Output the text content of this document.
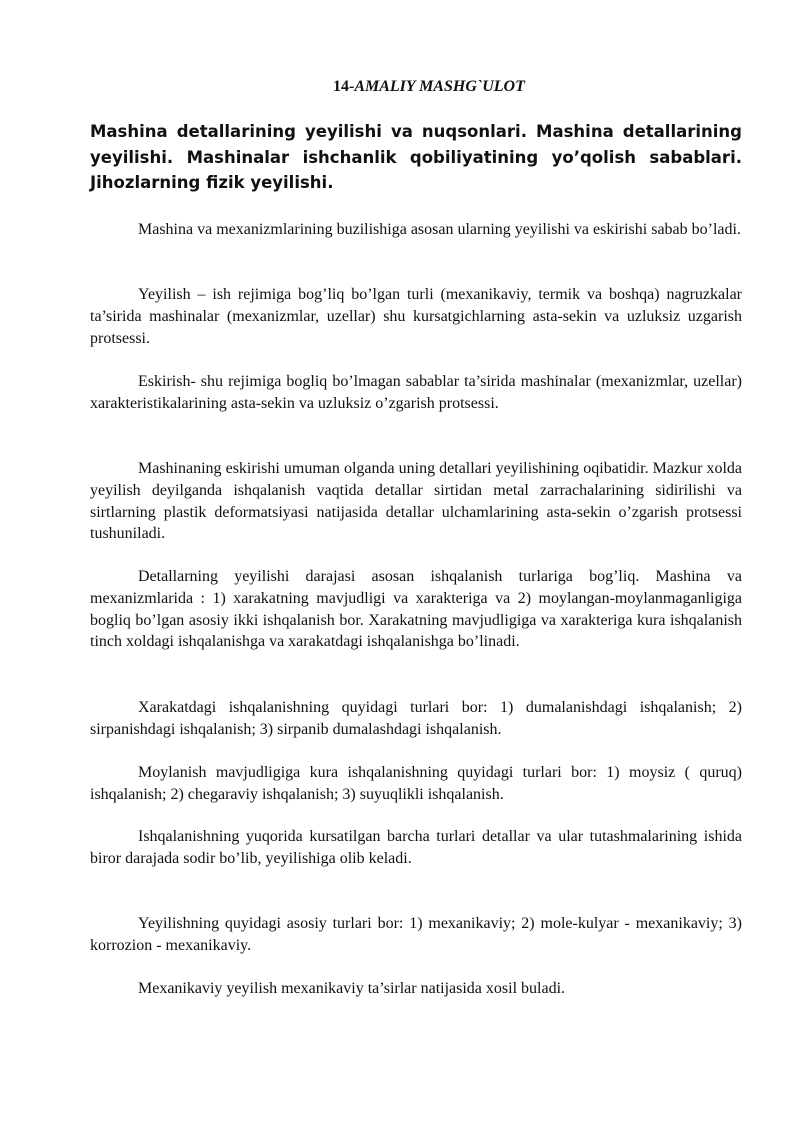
14-AMALIY MASHG`ULOT

Mashina detallarining yeyilishi va nuqsonlari. Mashina detallarining yeyilishi. Mashinalar ishchanlik qobiliyatining yo’qolish sabablari. Jihozlarning fizik yeyilishi.

Mashina va mexanizmlarining buzilishiga asosan ularning yeyilishi va eskirishi sabab bo’ladi.

Yeyilish – ish rejimiga bog’liq bo’lgan turli (mexanikaviy, termik va boshqa) nagruzkalar ta’sirida mashinalar (mexanizmlar, uzellar) shu kursatgichlarning asta-sekin va uzluksiz uzgarish protsessi.

Eskirish- shu rejimiga bogliq bo’lmagan sabablar ta’sirida mashinalar (mexanizmlar, uzellar) xarakteristikalarining asta-sekin va uzluksiz o’zgarish protsessi.

Mashinaning eskirishi umuman olganda uning detallari yeyilishining oqibatidir. Mazkur xolda yeyilish deyilganda ishqalanish vaqtida detallar sirtidan metal zarrachalarining sidirilishi va sirtlarning plastik deformatsiyasi natijasida detallar ulchamlarining asta-sekin o’zgarish protsessi tushuniladi.

Detallarning yeyilishi darajasi asosan ishqalanish turlariga bog’liq. Mashina va mexanizmlarida : 1) xarakatning mavjudligi va xarakteriga va 2) moylangan-moylanmaganligiga bogliq bo’lgan asosiy ikki ishqalanish bor. Xarakatning mavjudligiga va xarakteriga kura ishqalanish tinch xoldagi ishqalanishga va xarakatdagi ishqalanishga bo’linadi.

Xarakatdagi ishqalanishning quyidagi turlari bor: 1) dumalanishdagi ishqalanish; 2) sirpanishdagi ishqalanish; 3) sirpanib dumalashdagi ishqalanish.

Moylanish mavjudligiga kura ishqalanishning quyidagi turlari bor: 1) moysiz ( quruq) ishqalanish; 2) chegaraviy ishqalanish; 3) suyuqlikli ishqalanish.

Ishqalanishning yuqorida kursatilgan barcha turlari detallar va ular tutashmalarining ishida biror darajada sodir bo’lib, yeyilishiga olib keladi.

Yeyilishning quyidagi asosiy turlari bor: 1) mexanikaviy; 2) mole-kulyar - mexanikaviy; 3) korrozion - mexanikaviy.

Mexanikaviy yeyilish mexanikaviy ta’sirlar natijasida xosil buladi.
